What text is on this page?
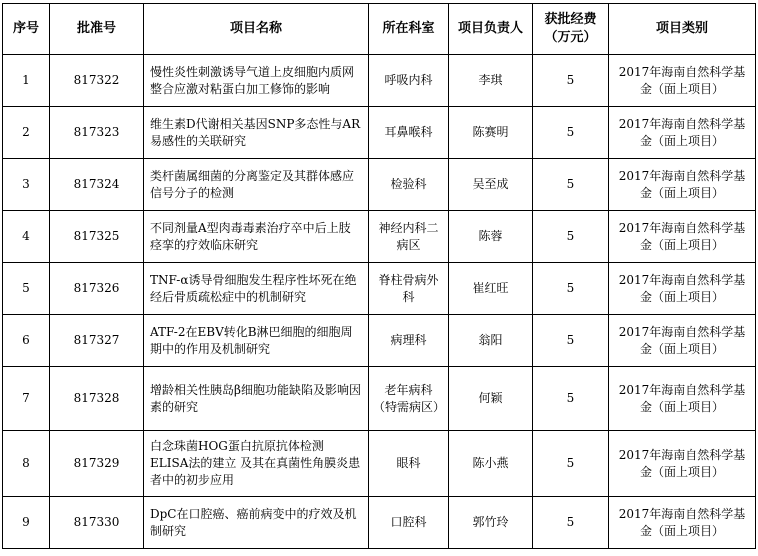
序号	批准号	项目名称	所在科室	项目负责人	获批经费（万元）	项目类别
1	817322	慢性炎性刺激诱导气道上皮细胞内质网整合应激对粘蛋白加工修饰的影响	呼吸内科	李琪	5	2017年海南自然科学基金（面上项目）
2	817323	维生素D代谢相关基因SNP多态性与AR易感性的关联研究	耳鼻喉科	陈赛明	5	2017年海南自然科学基金（面上项目）
3	817324	类杆菌属细菌的分离鉴定及其群体感应信号分子的检测	检验科	吴至成	5	2017年海南自然科学基金（面上项目）
4	817325	不同剂量A型肉毒毒素治疗卒中后上肢痉挛的疗效临床研究	神经内科二病区	陈蓉	5	2017年海南自然科学基金（面上项目）
5	817326	TNF-α诱导骨细胞发生程序性坏死在绝经后骨质疏松症中的机制研究	脊柱骨病外科	崔红旺	5	2017年海南自然科学基金（面上项目）
6	817327	ATF-2在EBV转化B淋巴细胞的细胞周期中的作用及机制研究	病理科	翁阳	5	2017年海南自然科学基金（面上项目）
7	817328	增龄相关性胰岛β细胞功能缺陷及影响因素的研究	老年病科（特需病区）	何颖	5	2017年海南自然科学基金（面上项目）
8	817329	白念珠菌HOG蛋白抗原抗体检测ELISA法的建立 及其在真菌性角膜炎患者中的初步应用	眼科	陈小燕	5	2017年海南自然科学基金（面上项目）
9	817330	DpC在口腔癌、癌前病变中的疗效及机制研究	口腔科	郭竹玲	5	2017年海南自然科学基金（面上项目）
